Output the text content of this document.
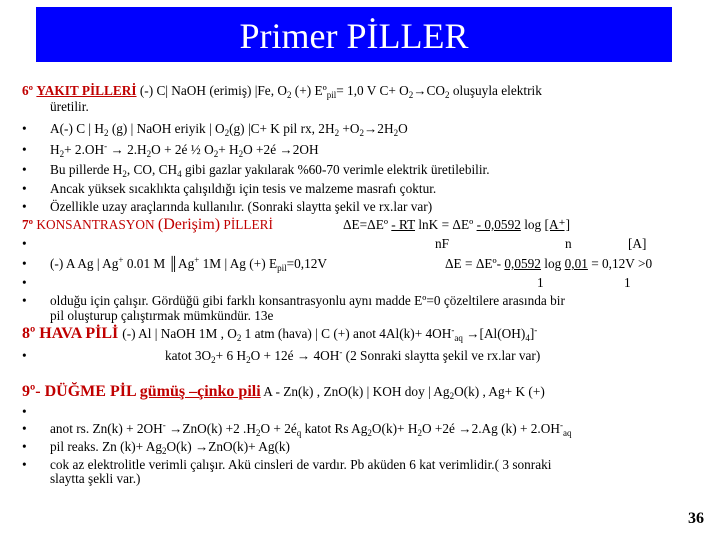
Primer PİLLER
6º YAKIT PİLLERİ (-) C| NaOH (erimiş) |Fe, $O_2$ (+) Eº$_{pil}$= 1,0 V $C+ O_2\to CO_2$ oluşuyla elektrik
üretilir.
• A(-) C | $H_2$ (g) | NaOH eriyik | $O_2(g)$ |C+ K pil rx, $2H_2 +O_2\to 2H_2O$
• $H_2+ 2.OH^- \to 2.H_2O$ + 2é ½ $O_2+ H_2O$ +2é →2OH
• Bu pillerde $H_2$, CO, $CH_4$ gibi gazlar yakılarak %60-70 verimle elektrik üretilebilir.
• Ancak yüksek sıcaklıkta çalışıldığı için tesis ve malzeme masrafı çoktur.
• Özellikle uzay araçlarında kullanılır. (Sonraki slaytta şekil ve rx.lar var)
7º KONSANTRASYON (Derişim) PİLLERİ	ΔE=ΔEº - RT lnK = ΔEº - 0,0592 log [A⁺]
•	nF	n	[A]
• (-) A Ag | Ag+ 0.01 M ║Ag+ 1M | Ag (+) $E_{pil}=0,12V$	ΔE = ΔEº- 0,0592 log 0,01 = 0,12V >0
•	1	1
• olduğu için çalışır. Gördüğü gibi farklı konsantrasyonlu aynı madde Eº=0 çözeltilere arasında bir
pil oluşturup çalıştırmak mümkündür. 13e
8º HAVA PİLİ (-) Al | NaOH 1M , $O_2$ 1 atm (hava) | C (+) anot $4Al(k)+ 4OH^-_{aq} \to[Al(OH)_4]^-$
•	katot $3O_2+ 6$ $H_2O$ + 12é → 4OH- (2 Sonraki slaytta şekil ve rx.lar var)
9º- DÜĞME PİL gümüş –çinko pili A - Zn(k) , ZnO(k) | KOH doy | $Ag_2O(k)$ , Ag+ K (+)
•
• anot rs. Zn(k) + 2OH- →ZnO(k) +2 $.H_2O$ + $2é_q$ katot Rs $Ag_2O(k)+ H_2O$ +2é →2.Ag $(k) + 2.OH^-_{aq}$
• pil reaks. Zn $(k)+ Ag_2O(k) \to ZnO(k)+ Ag(k)$
• cok az elektrolitle verimli çalışır. Akü cinsleri de vardır. Pb aküden 6 kat verimlidir.( 3 sonraki
slaytta şekli var.)
36
